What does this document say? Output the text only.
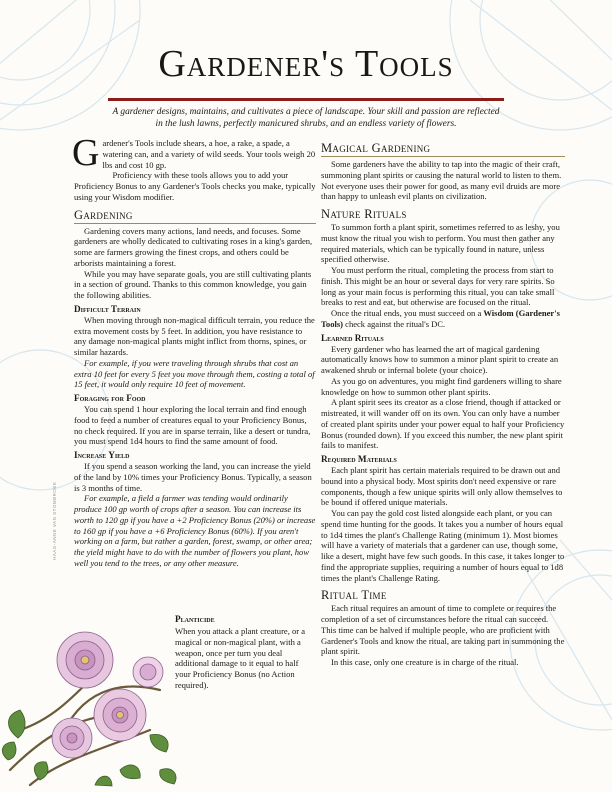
Gardener's Tools
A gardener designs, maintains, and cultivates a piece of landscape. Your skill and passion are reflected in the lush lawns, perfectly manicured shrubs, and an endless variety of flowers.

Gardener's Tools include shears, a hoe, a rake, a spade, a watering can, and a variety of wild seeds. Your tools weigh 20 lbs and cost 10 gp.

Proficiency with these tools allows you to add your Proficiency Bonus to any Gardener's Tools checks you make, typically using your Wisdom modifier.

Gardening

Gardening covers many actions, land needs, and focuses. Some gardeners are wholly dedicated to cultivating roses in a king's garden, some are farmers growing the finest crops, and others could be arborists maintaining a forest.

While you may have separate goals, you are still cultivating plants in a section of ground. Thanks to this common knowledge, you gain the following abilities.

Difficult Terrain

When moving through non-magical difficult terrain, you reduce the extra movement costs by 5 feet. In addition, you have resistance to any damage non-magical plants might inflict from thorns, spines, or similar hazards.

For example, if you were traveling through shrubs that cost an extra 10 feet for every 5 feet you move through them, costing a total of 15 feet, it would only require 10 feet of movement.

Foraging for Food

You can spend 1 hour exploring the local terrain and find enough food to feed a number of creatures equal to your Proficiency Bonus, no check required. If you are in sparse terrain, like a desert or tundra, you must spend 1d4 hours to find the same amount of food.

Increase Yield

If you spend a season working the land, you can increase the yield of the land by 10% times your Proficiency Bonus. Typically, a season is 3 months of time.

For example, a field a farmer was tending would ordinarily produce 100 gp worth of crops after a season. You can increase its worth to 120 gp if you have a +2 Proficiency Bonus (20%) or increase to 160 gp if you have a +6 Proficiency Bonus (60%). If you aren't working on a farm, but rather a garden, forest, swamp, or other area; the yield might have to do with the number of flowers you plant, how well you tend to the trees, or any other measure.

Planticide

When you attack a plant creature, or a magical or non-magical plant, with a weapon, once per turn you deal additional damage to it equal to half your Proficiency Bonus (no Action required).

HAAG-ANNE VAN STOMBROEK
Magical Gardening

Some gardeners have the ability to tap into the magic of their craft, summoning plant spirits or causing the natural world to listen to them. Not everyone uses their power for good, as many evil druids are more than happy to unleash evil plants on civilization.

Nature Rituals

To summon forth a plant spirit, sometimes referred to as leshy, you must know the ritual you wish to perform. You must then gather any required materials, which can be typically found in nature, unless specified otherwise.

You must perform the ritual, completing the process from start to finish. This might be an hour or several days for very rare spirits. So long as your main focus is performing this ritual, you can take small breaks to rest and eat, but otherwise are focused on the ritual.

Once the ritual ends, you must succeed on a Wisdom (Gardener's Tools) check against the ritual's DC.

Learned Rituals

Every gardener who has learned the art of magical gardening automatically knows how to summon a minor plant spirit to create an awakened shrub or infernal bolete (your choice).

As you go on adventures, you might find gardeners willing to share knowledge on how to summon other plant spirits.

A plant spirit sees its creator as a close friend, though if attacked or mistreated, it will wander off on its own. You can only have a number of created plant spirits under your power equal to half your Proficiency Bonus (rounded down). If you exceed this number, the new plant spirit fails to manifest.

Required Materials

Each plant spirit has certain materials required to be drawn out and bound into a physical body. Most spirits don't need expensive or rare components, though a few unique spirits will only allow themselves to be bound if offered unique materials.

You can pay the gold cost listed alongside each plant, or you can spend time hunting for the goods. It takes you a number of hours equal to 1d4 times the plant's Challenge Rating (minimum 1). Most biomes will have a variety of materials that a gardener can use, though some, like a desert, might have few such goods. In this case, it takes longer to find the appropriate supplies, requiring a number of hours equal to 1d8 times the plant's Challenge Rating.

Ritual Time

Each ritual requires an amount of time to complete or requires the completion of a set of circumstances before the ritual can succeed. This time can be halved if multiple people, who are proficient with Gardener's Tools and know the ritual, are taking part in summoning the plant spirit.

In this case, only one creature is in charge of the ritual.
